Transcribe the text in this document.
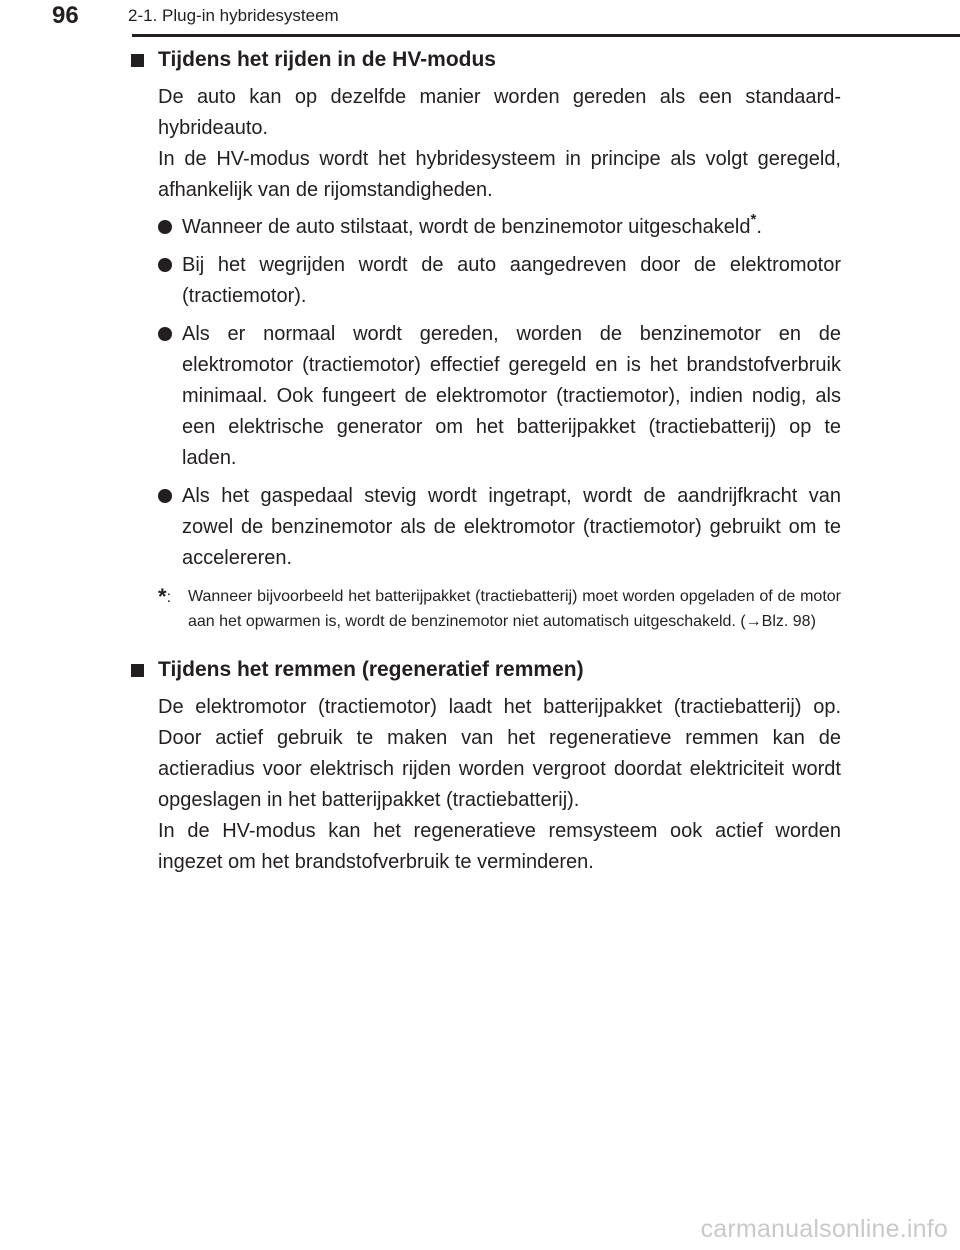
96	2-1. Plug-in hybridesysteem
Tijdens het rijden in de HV-modus

De auto kan op dezelfde manier worden gereden als een standaard-hybrideauto.

In de HV-modus wordt het hybridesysteem in principe als volgt geregeld, afhankelijk van de rijomstandigheden.

Wanneer de auto stilstaat, wordt de benzinemotor uitgeschakeld*.
Bij het wegrijden wordt de auto aangedreven door de elektromotor (tractiemotor).
Als er normaal wordt gereden, worden de benzinemotor en de elektromotor (tractiemotor) effectief geregeld en is het brandstofverbruik minimaal. Ook fungeert de elektromotor (tractiemotor), indien nodig, als een elektrische generator om het batterijpakket (tractiebatterij) op te laden.
Als het gaspedaal stevig wordt ingetrapt, wordt de aandrijfkracht van zowel de benzinemotor als de elektromotor (tractiemotor) gebruikt om te accelereren.
*:	Wanneer bijvoorbeeld het batterijpakket (tractiebatterij) moet worden opgeladen of de motor aan het opwarmen is, wordt de benzinemotor niet automatisch uitgeschakeld. (→Blz. 98)
Tijdens het remmen (regeneratief remmen)

De elektromotor (tractiemotor) laadt het batterijpakket (tractiebatterij) op. Door actief gebruik te maken van het regeneratieve remmen kan de actieradius voor elektrisch rijden worden vergroot doordat elektriciteit wordt opgeslagen in het batterijpakket (tractiebatterij).

In de HV-modus kan het regeneratieve remsysteem ook actief worden ingezet om het brandstofverbruik te verminderen.

carmanualsonline.info
